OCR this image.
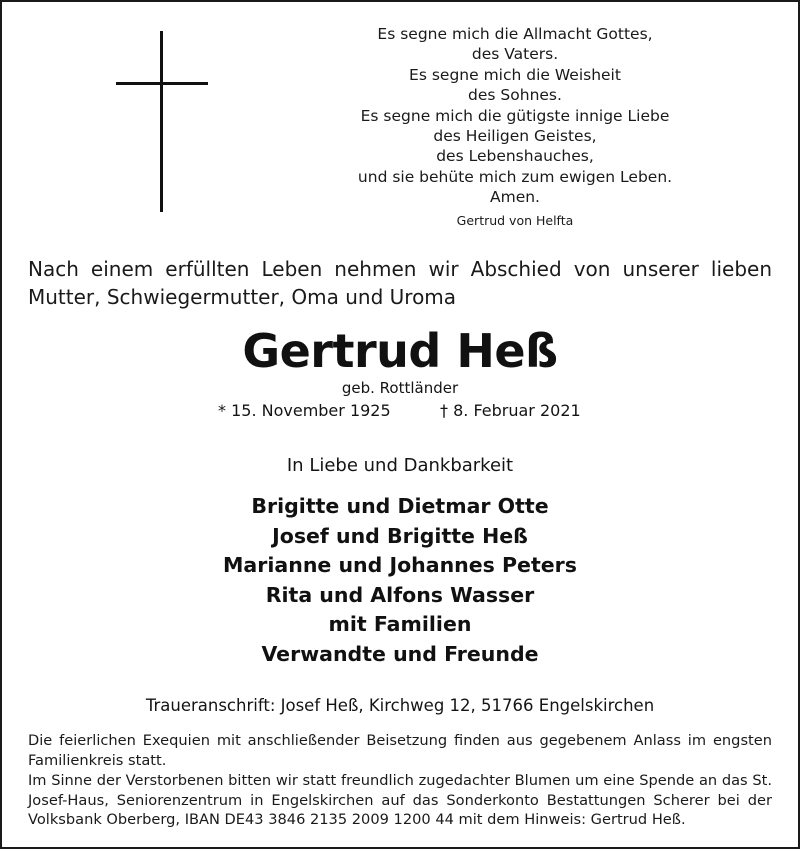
Es segne mich die Allmacht Gottes,
des Vaters.
Es segne mich die Weisheit
des Sohnes.
Es segne mich die gütigste innige Liebe
des Heiligen Geistes,
des Lebenshauches,
und sie behüte mich zum ewigen Leben.
Amen.
Gertrud von Helfta
Nach einem erfüllten Leben nehmen wir Abschied von unserer lieben Mutter, Schwiegermutter, Oma und Uroma
Gertrud Heß
geb. Rottländer
* 15. November 1925	† 8. Februar 2021
In Liebe und Dankbarkeit
Brigitte und Dietmar Otte
Josef und Brigitte Heß
Marianne und Johannes Peters
Rita und Alfons Wasser
mit Familien
Verwandte und Freunde
Traueranschrift: Josef Heß, Kirchweg 12, 51766 Engelskirchen
Die feierlichen Exequien mit anschließender Beisetzung finden aus gegebenem Anlass im engsten Familienkreis statt.
Im Sinne der Verstorbenen bitten wir statt freundlich zugedachter Blumen um eine Spende an das St. Josef-Haus, Seniorenzentrum in Engelskirchen auf das Sonderkonto Bestattungen Scherer bei der Volksbank Oberberg, IBAN DE43 3846 2135 2009 1200 44 mit dem Hinweis: Gertrud Heß.
